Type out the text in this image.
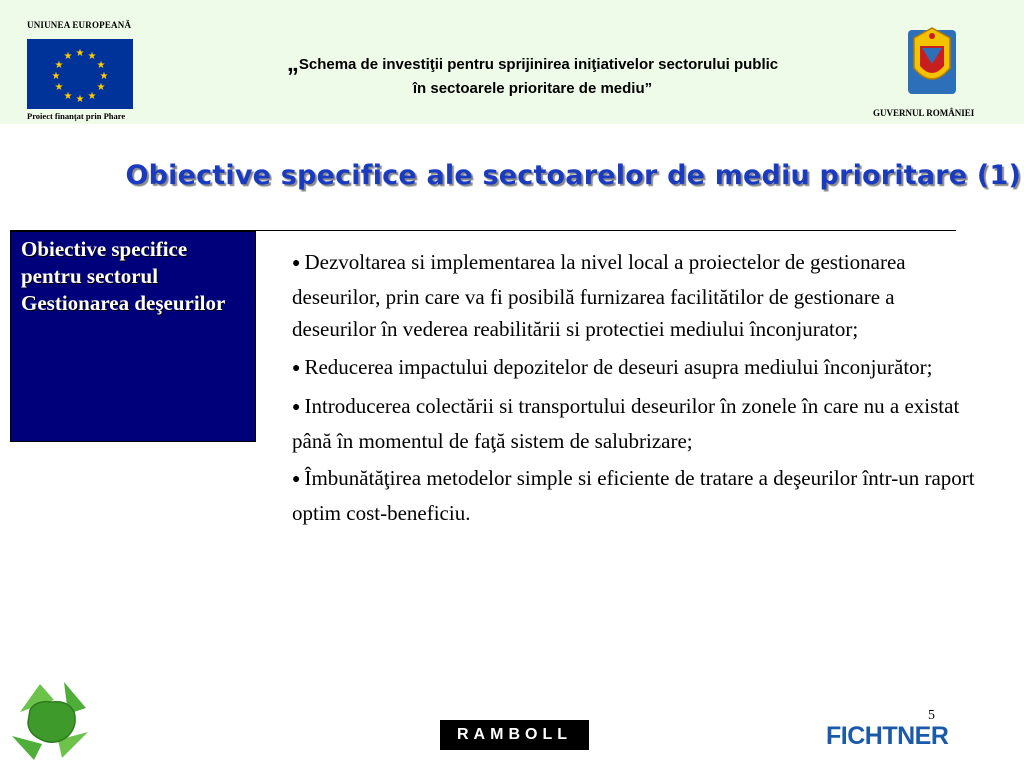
UNIUNEA EUROPEANĂ
★ ★
★
★
★
★
★
★
★
★
★
★
Proiect finanţat prin Phare
„Schema de investiţii pentru sprijinirea iniţiativelor sectorului public
în sectoarele prioritare de mediu”
GUVERNUL ROMÂNIEI
Obiective specifice ale sectoarelor de mediu prioritare (1)
Obiective specifice pentru sectorul Gestionarea deşeurilor

● Dezvoltarea si implementarea la nivel local a proiectelor de gestionarea deseurilor, prin care va fi posibilă furnizarea facilitătilor de gestionare a deseurilor în vederea reabilitării si protectiei mediului înconjurator;

● Reducerea impactului depozitelor de deseuri asupra mediului înconjurător;

● Introducerea colectării si transportului deseurilor în zonele în care nu a existat până în momentul de faţă sistem de salubrizare;

● Îmbunătăţirea metodelor simple si eficiente de tratare a deşeurilor într-un raport optim cost-beneficiu.

5
RAMBOLL	FICHTNER
